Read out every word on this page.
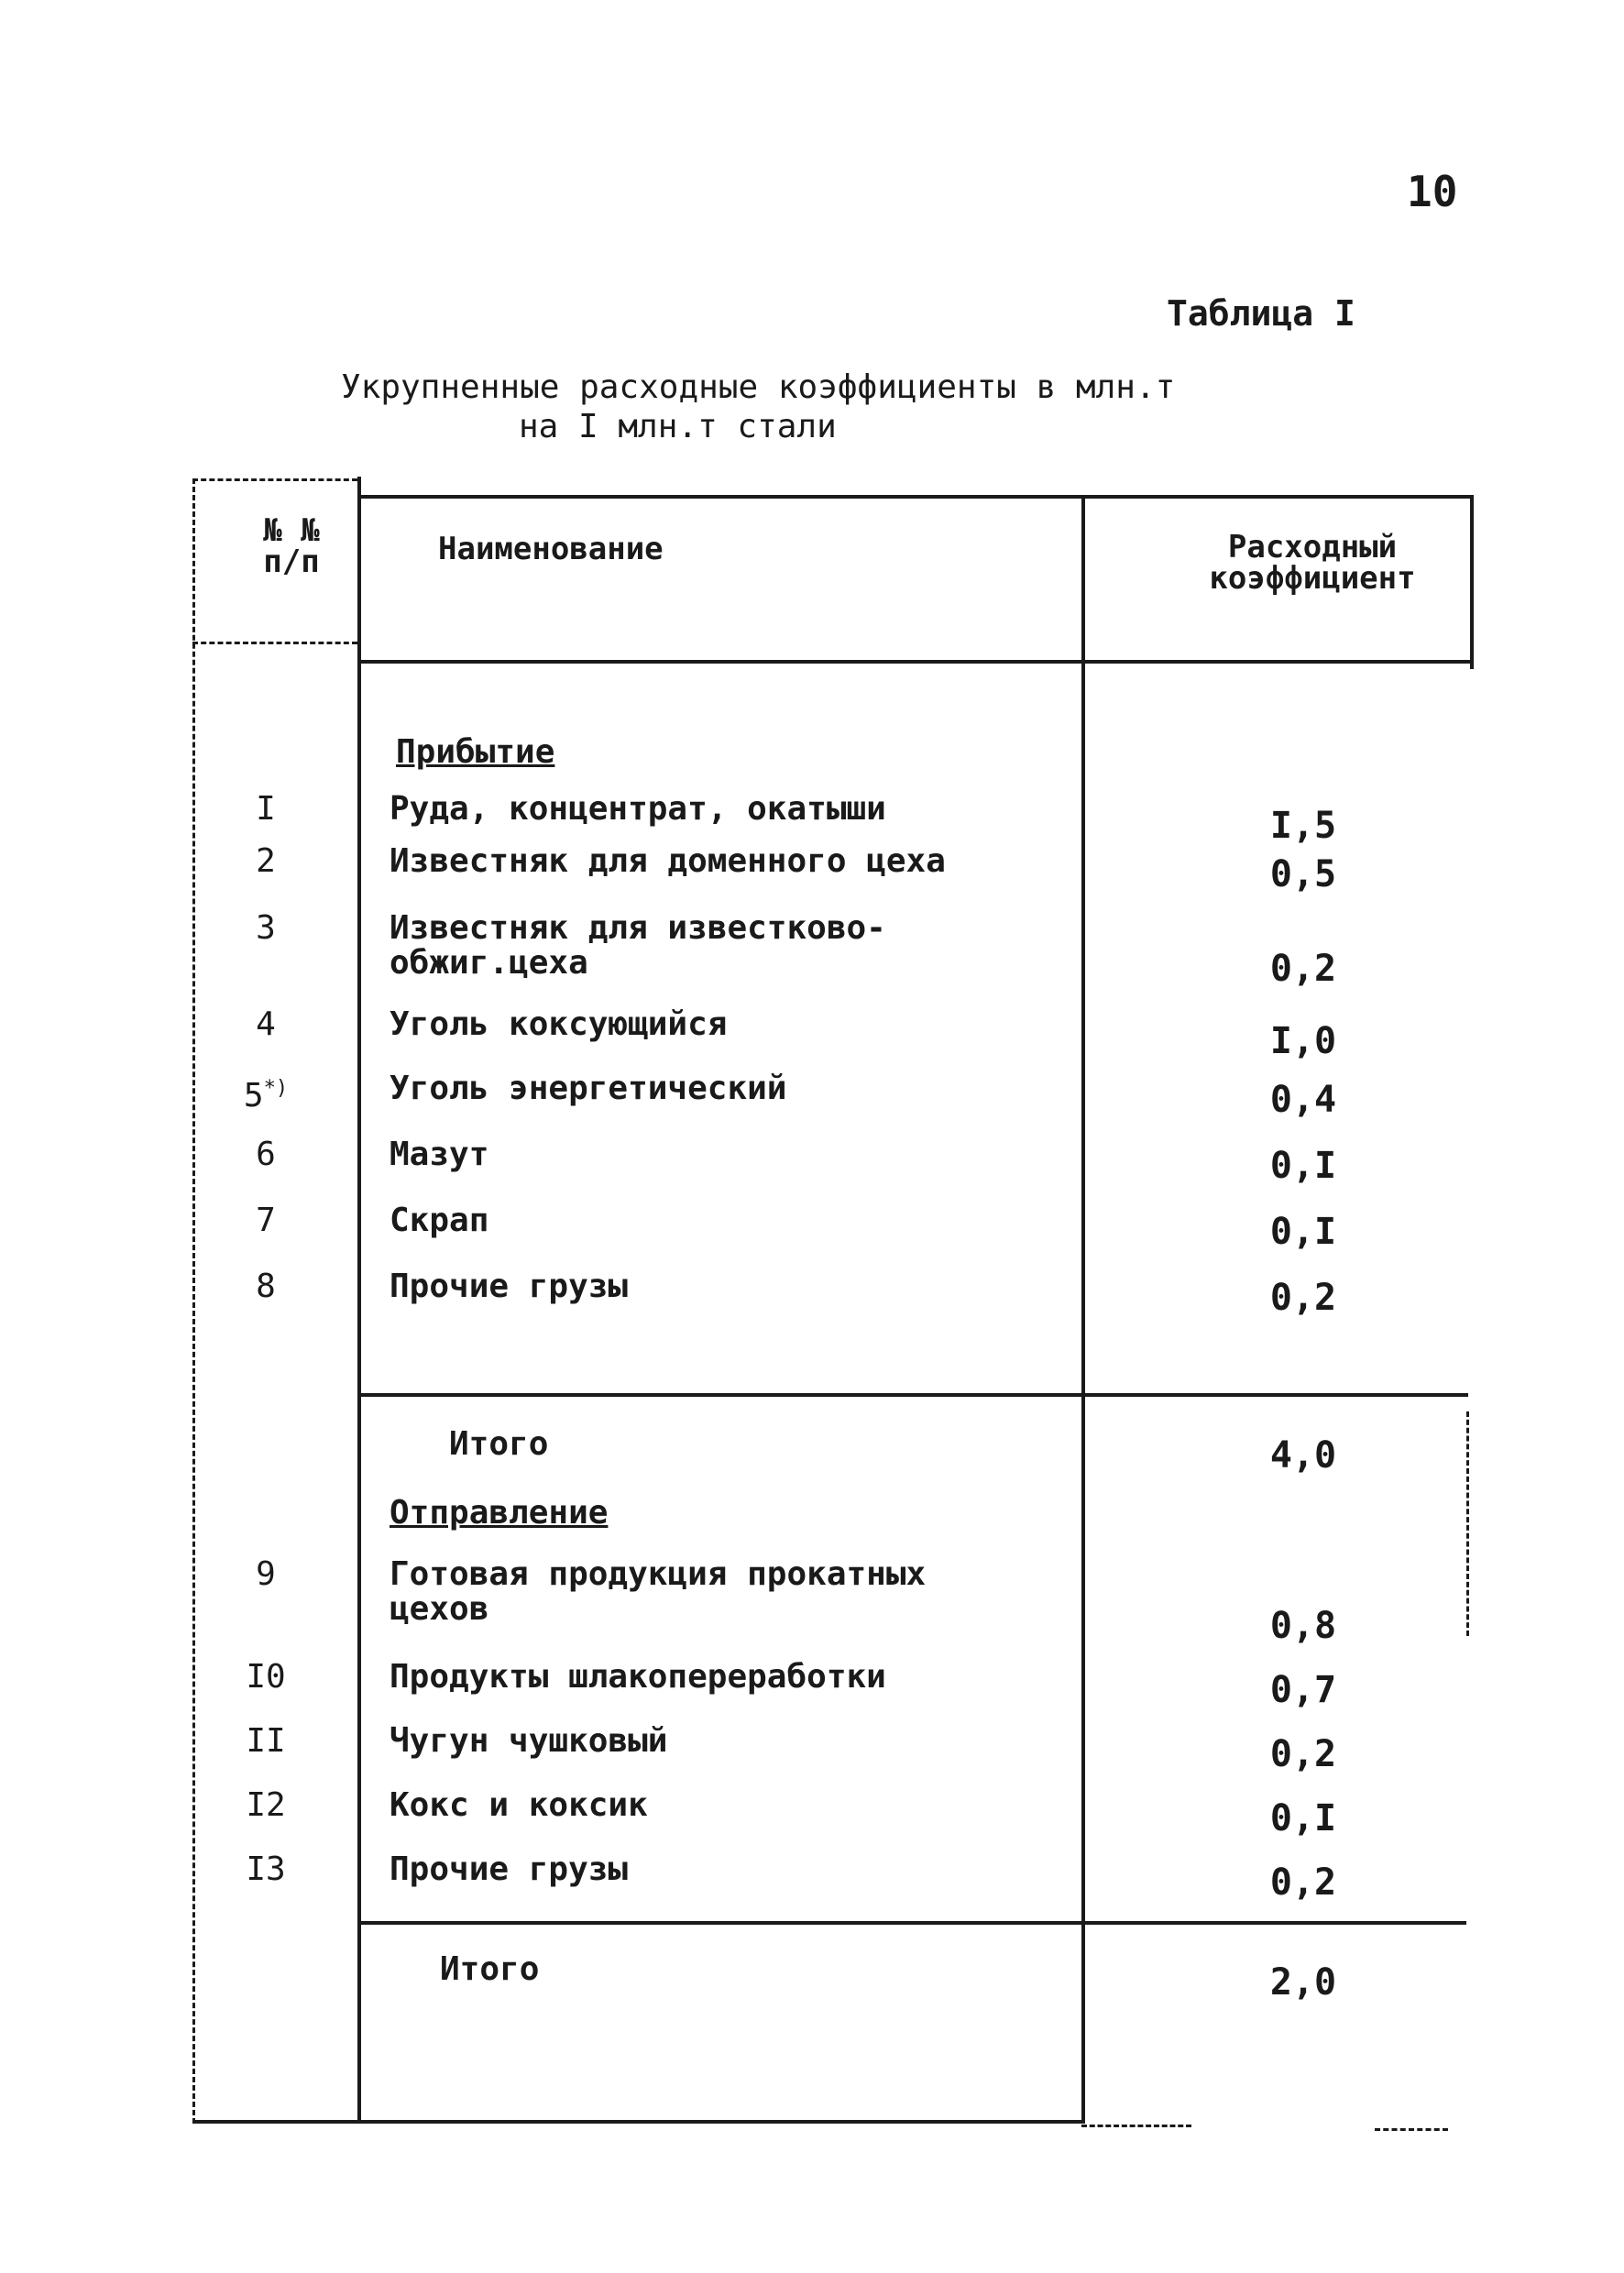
10
Таблица I
Укрупненные расходные коэффициенты в млн.т
на I млн.т стали
№ №
п/п	Наименование	Расходный
коэффициент
Прибытие
I	Руда, концентрат, окатыши	I,5
2	Известняк для доменного цеха	0,5
3	Известняк для известково-
обжиг.цеха	0,2
4	Уголь коксующийся	I,0
5*)	Уголь энергетический	0,4
6	Мазут	0,I
7	Скрап	0,I
8	Прочие грузы	0,2
Итого	4,0
Отправление
9	Готовая продукция прокатных
цехов	0,8
I0	Продукты шлакопереработки	0,7
II	Чугун чушковый	0,2
I2	Кокс и коксик	0,I
I3	Прочие грузы	0,2
Итого	2,0
